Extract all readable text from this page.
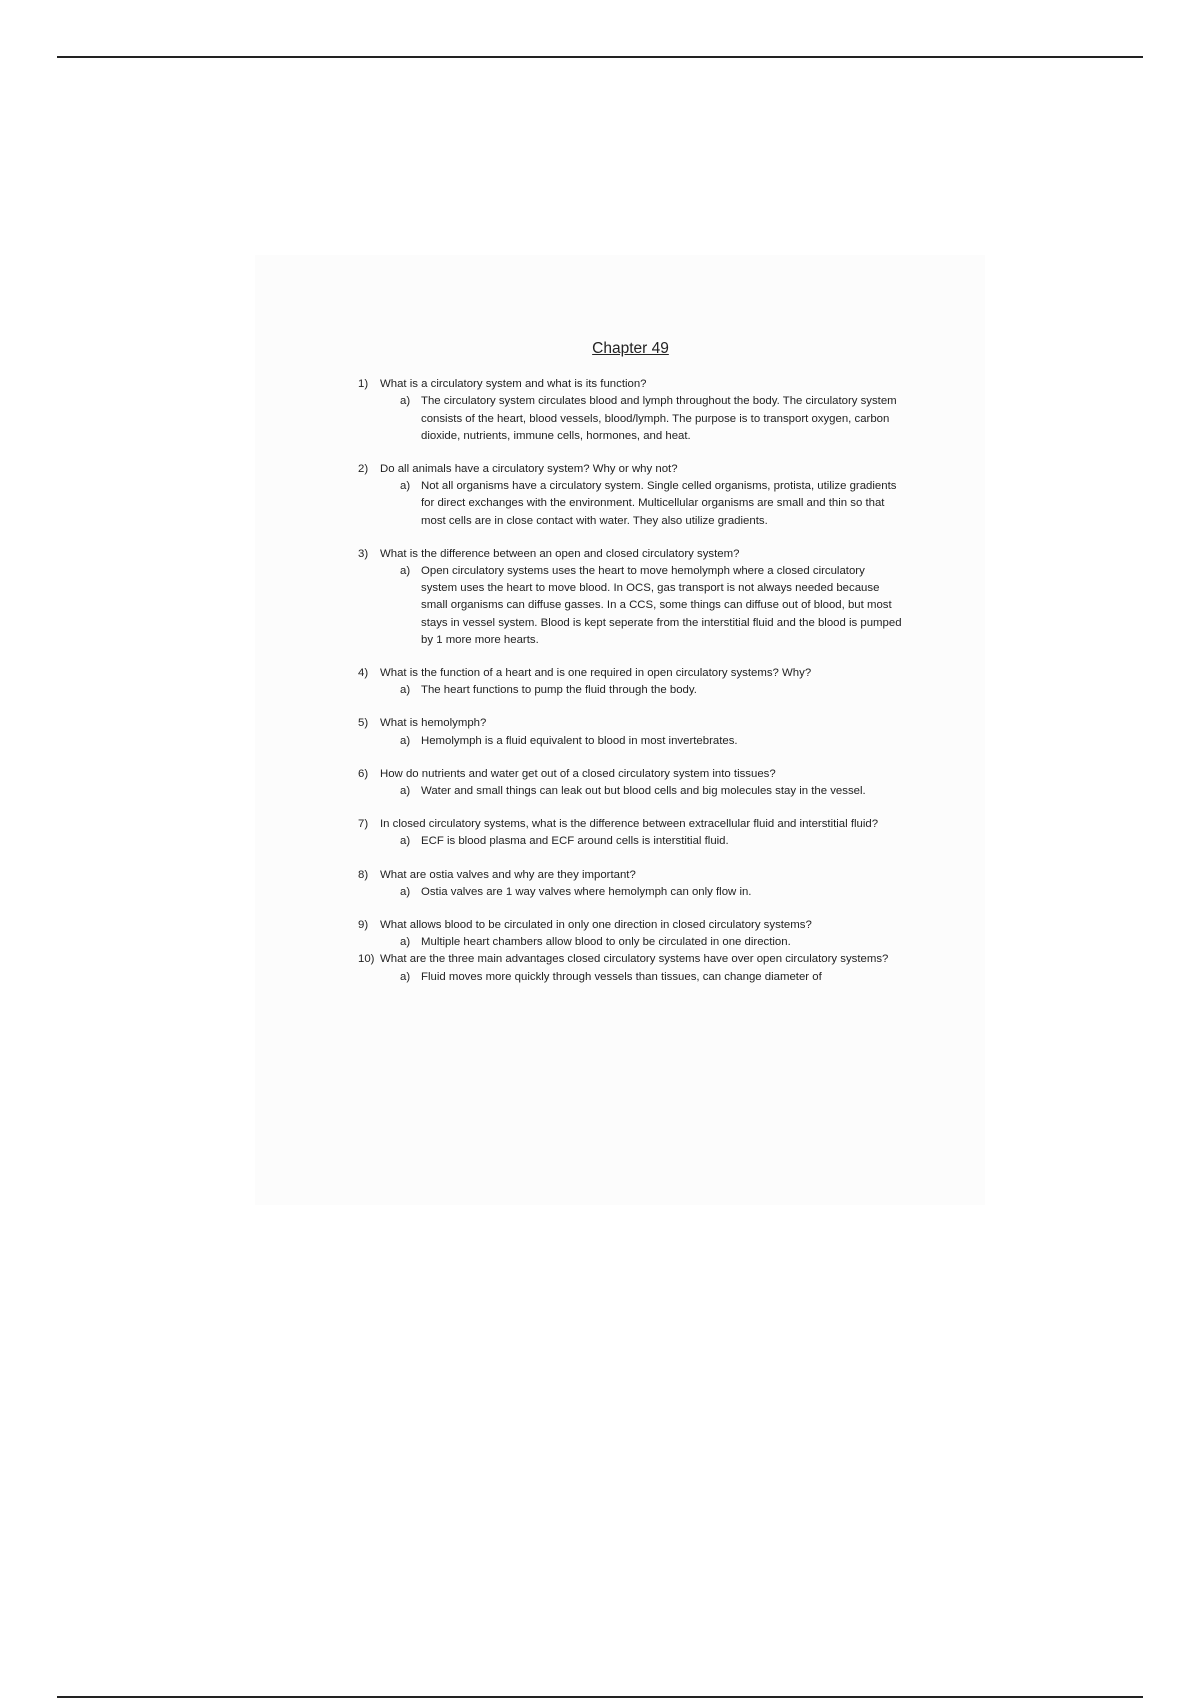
Chapter 49
1)	What is a circulatory system and what is its function?
a) The circulatory system circulates blood and lymph throughout the body. The circulatory system consists of the heart, blood vessels, blood/lymph. The purpose is to transport oxygen, carbon dioxide, nutrients, immune cells, hormones, and heat.
2)	Do all animals have a circulatory system? Why or why not?
a) Not all organisms have a circulatory system. Single celled organisms, protista, utilize gradients for direct exchanges with the environment. Multicellular organisms are small and thin so that most cells are in close contact with water. They also utilize gradients.
3)	What is the difference between an open and closed circulatory system?
a) Open circulatory systems uses the heart to move hemolymph where a closed circulatory system uses the heart to move blood. In OCS, gas transport is not always needed because small organisms can diffuse gasses. In a CCS, some things can diffuse out of blood, but most stays in vessel system. Blood is kept seperate from the interstitial fluid and the blood is pumped by 1 more more hearts.
4)	What is the function of a heart and is one required in open circulatory systems? Why?
a) The heart functions to pump the fluid through the body.
5)	What is hemolymph?
a) Hemolymph is a fluid equivalent to blood in most invertebrates.
6)	How do nutrients and water get out of a closed circulatory system into tissues?
a) Water and small things can leak out but blood cells and big molecules stay in the vessel.
7)	In closed circulatory systems, what is the difference between extracellular fluid and interstitial fluid?
a) ECF is blood plasma and ECF around cells is interstitial fluid.
8)	What are ostia valves and why are they important?
a) Ostia valves are 1 way valves where hemolymph can only flow in.
9)	What allows blood to be circulated in only one direction in closed circulatory systems?
a) Multiple heart chambers allow blood to only be circulated in one direction.
10) What are the three main advantages closed circulatory systems have over open circulatory systems?
a) Fluid moves more quickly through vessels than tissues, can change diameter of
